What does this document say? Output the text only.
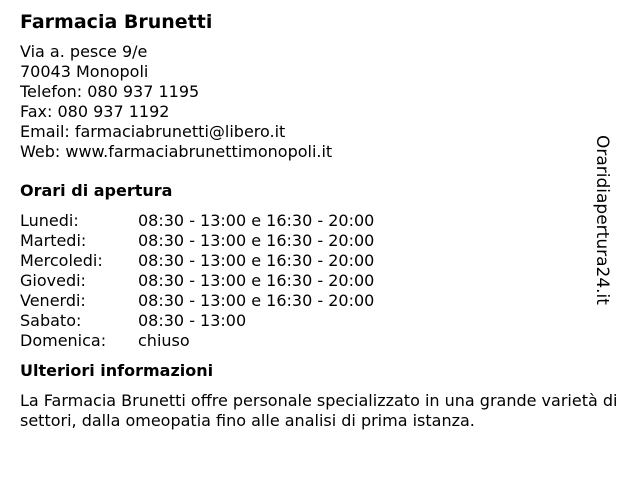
Farmacia Brunetti
Via a. pesce 9/e
70043 Monopoli
Telefon: 080 937 1195
Fax: 080 937 1192
Email: farmaciabrunetti@libero.it
Web: www.farmaciabrunettimonopoli.it
Orari di apertura
Lunedi:	08:30 - 13:00 e 16:30 - 20:00
Martedi:	08:30 - 13:00 e 16:30 - 20:00
Mercoledi: 08:30 - 13:00 e 16:30 - 20:00
Giovedi:	08:30 - 13:00 e 16:30 - 20:00
Venerdi:	08:30 - 13:00 e 16:30 - 20:00
Sabato:	08:30 - 13:00
Domenica: chiuso
Ulteriori informazioni

La Farmacia Brunetti offre personale specializzato in una grande varietà di settori, dalla omeopatia fino alle analisi di prima istanza.

Oraridiapertura24.it
